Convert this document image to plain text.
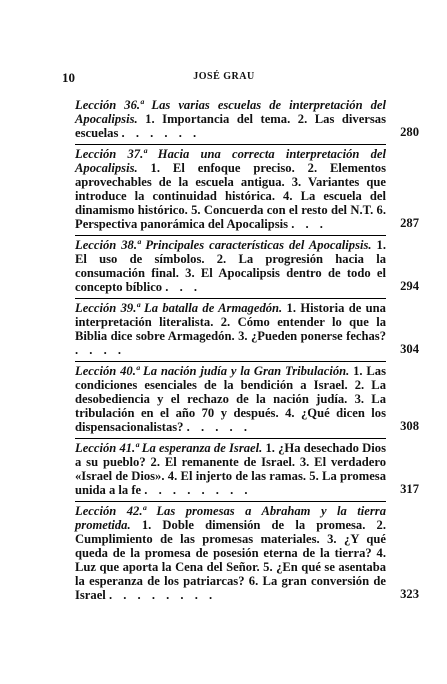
10	JOSÉ GRAU
Lección 36.ª Las varias escuelas de interpretación del Apocalipsis. 1. Importancia del tema. 2. Las diversas escuelas . . . . . .	280
Lección 37.ª Hacia una correcta interpretación del Apocalipsis. 1. El enfoque preciso. 2. Elementos aprovechables de la escuela antigua. 3. Variantes que introduce la continuidad histórica. 4. La escuela del dinamismo histórico. 5. Concuerda con el resto del N.T. 6. Perspectiva panorámica del Apocalipsis . . .	287
Lección 38.ª Principales características del Apocalipsis. 1. El uso de símbolos. 2. La progresión hacia la consumación final. 3. El Apocalipsis dentro de todo el concepto bíblico . . .	294
Lección 39.ª La batalla de Armagedón. 1. Historia de una interpretación literalista. 2. Cómo entender lo que la Biblia dice sobre Armagedón. 3. ¿Pueden ponerse fechas? . . . .	304
Lección 40.ª La nación judía y la Gran Tribulación. 1. Las condiciones esenciales de la bendición a Israel. 2. La desobediencia y el rechazo de la nación judía. 3. La tribulación en el año 70 y después. 4. ¿Qué dicen los dispensacionalistas? . . . . .	308
Lección 41.ª La esperanza de Israel. 1. ¿Ha desechado Dios a su pueblo? 2. El remanente de Israel. 3. El verdadero «Israel de Dios». 4. El injerto de las ramas. 5. La promesa unida a la fe . . . . . . . .	317
Lección 42.ª Las promesas a Abraham y la tierra prometida. 1. Doble dimensión de la promesa. 2. Cumplimiento de las promesas materiales. 3. ¿Y qué queda de la promesa de posesión eterna de la tierra? 4. Luz que aporta la Cena del Señor. 5. ¿En qué se asentaba la esperanza de los patriarcas? 6. La gran conversión de Israel . . . . . . . .	323
